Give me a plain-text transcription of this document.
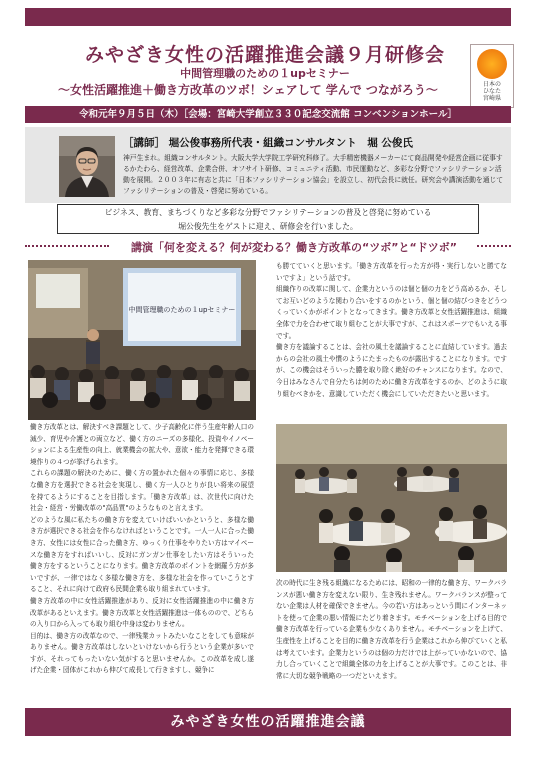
みやざき女性の活躍推進会議９月研修会
中間管理職のための１upセミナー
～女性活躍推進＋働き方改革のツボ！シェアして 学んで つながろう～	日本の
ひなた
宮崎県
令和元年９月５日（木）［会場：宮崎大学創立３３０記念交流館 コンベンションホール］
［講師］ 堀公俊事務所代表・組織コンサルタント　堀 公俊氏
神戸生まれ。組織コンサルタント。大阪大学大学院工学研究科修了。大手精密機器メーカーにて商品開発や経営企画に従事するかたわら、経営改革、企業合併、オフサイト研修、コミュニティ活動、市民運動など、多彩な分野でファシリテーション活動を展開。２００３年に有志と共に「日本ファシリテーション協会」を設立し、初代会長に就任。研究会や講演活動を通じてファシリテーションの普及・啓発に努めている。
ビジネス、教育、まちづくりなど多彩な分野でファシリテーションの普及と啓発に努めている
堀公俊先生をゲストに迎え、研修会を行いました。
講演「何を変える？何が変わる？働き方改革の“ツボ”と“ドツボ”
中間管理職のための１upセミナー

働き方改革とは、解決すべき課題として、少子高齢化に伴う生産年齢人口の減少、育児や介護との両立など、働く方のニーズの多様化、投資やイノベーションによる生産性の向上、就業機会の拡大や、意欲・能力を発揮できる環境作りの４つが挙げられます。

これらの課題の解決のために、働く方の置かれた個々の事情に応じ、多様な働き方を選択できる社会を実現し、働く方一人ひとりが良い将来の展望を持てるようにすることを目指します。「働き方改革」は、次世代に向けた社会・経営・労働改革の"高品質"のようなものと言えます。

どのような風に私たちの働き方を変えていけばいいかというと、多様な働き方が選択できる社会を作らなければということです。一人一人に合った働き方、女性には女性に合った働き方、ゆっくり仕事をやりたい方はマイペースな働き方をすればいいし、反対にガンガン仕事をしたい方はそういった働き方をするということになります。働き方改革のポイントを網羅う方が多いですが、一律ではなく多様な働き方を、多様な社会を作っていこうとすること、それに向けて政府も民間企業も取り組まれています。

働き方改革の中に女性活躍推進があり、反対に女性活躍推進の中に働き方改革があるといえます。働き方改革と女性活躍推進は一体ものので、どちらの入り口から入っても取り組む中身は変わりません。

目的は、働き方の改革なので、一律残業カットみたいなことをしても意味がありません。働き方改革はしないといけないから行うという企業が多いですが、それってもったいない気がすると思いませんか。この改革を成し遂げた企業・団体がこれから伸びて成長して行きますし、競争に

も勝てていくと思います。「働き方改革を行った方が得・実行しないと勝てないですよ」という話です。

組織作りの改革に関して、企業力というのは個と個の力をどう高めるか、そしてお互いどのような関わり合いをするのかという、個と個の結びつきをどうつくっていくかがポイントとなってきます。働き方改革と女性活躍推進は、組織全体で力を合わせて取り組むことが大事ですが、これはスポーツでもいえる事です。

働き方を議論することは、会社の風土を議論することに直結しています。過去からの会社の風土や慣のようにたまったものが露出することになります。ですが、この機会はそういった膿を取り除く絶好のチャンスになります。なので、今日はみなさんで自分たちは何のために働き方改革をするのか、どのように取り組むべきかを、意識していただく機会にしていただきたいと思います。

次の時代に生き残る組織になるためには、昭和の一律的な働き方、ワークバランスが悪い働き方を変えない限り、生き残れません。ワークバランスが整ってない企業は人材を確保できません。今の若い方はあっという間にインターネットを使って企業の悪い情報にたどり着きます。モチベーションを上げる目的で働き方改革を行っている企業も少なくありません。モチベーションを上げて、生産性を上げることを目的に働き方改革を行う企業はこれから伸びていくと私は考えています。企業力というのは個の力だけでは上がっていかないので、協力し合っていくことで組織全体の力を上げることが大事です。このことは、非常に大切な競争戦略の一つだといえます。

みやざき女性の活躍推進会議
